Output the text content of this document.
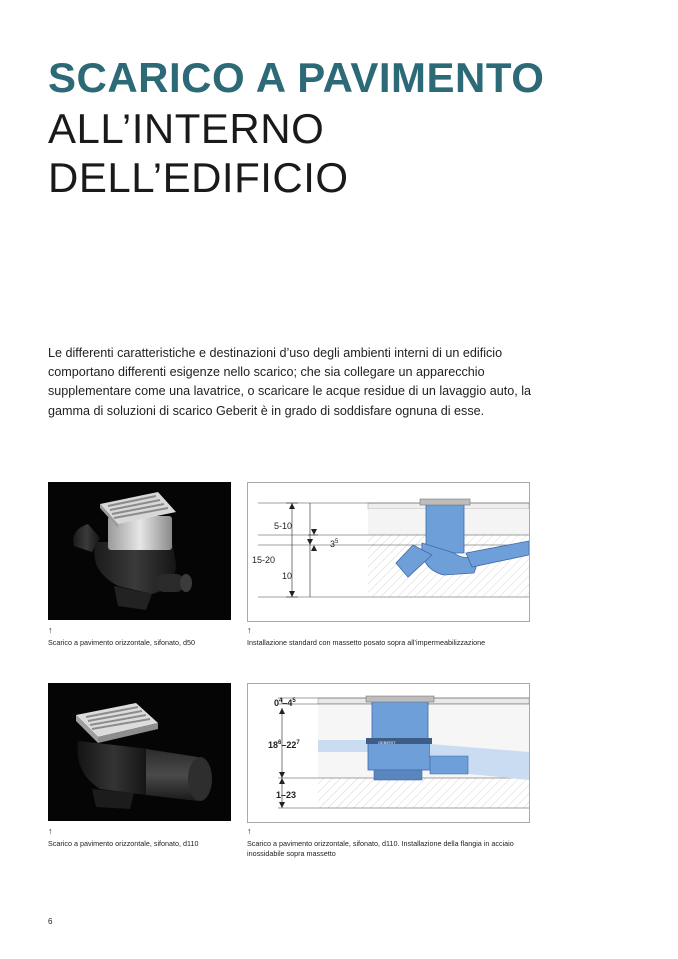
SCARICO A PAVIMENTO
ALL’INTERNO
DELL’EDIFICIO

Le differenti caratteristiche e destinazioni d’uso degli ambienti interni di un edificio comportano differenti esigenze nello scarico; che sia collegare un apparecchio supplementare come una lavatrice, o scaricare le acque residue di un lavaggio auto, la gamma di soluzioni di scarico Geberit è in grado di soddisfare ognuna di esse.

↑

Scarico a pavimento orizzontale, sifonato, d50

15-20
5-10
10
$3^5$
↑

Installazione standard con massetto posato sopra all’impermeabilizzazione

↑

Scarico a pavimento orizzontale, sifonato, d110

GEBERIT
$0^4-4^5$
$18^6-22^7$
1–23
↑

Scarico a pavimento orizzontale, sifonato, d110. Installazione della flangia in acciaio inossidabile sopra massetto

6
